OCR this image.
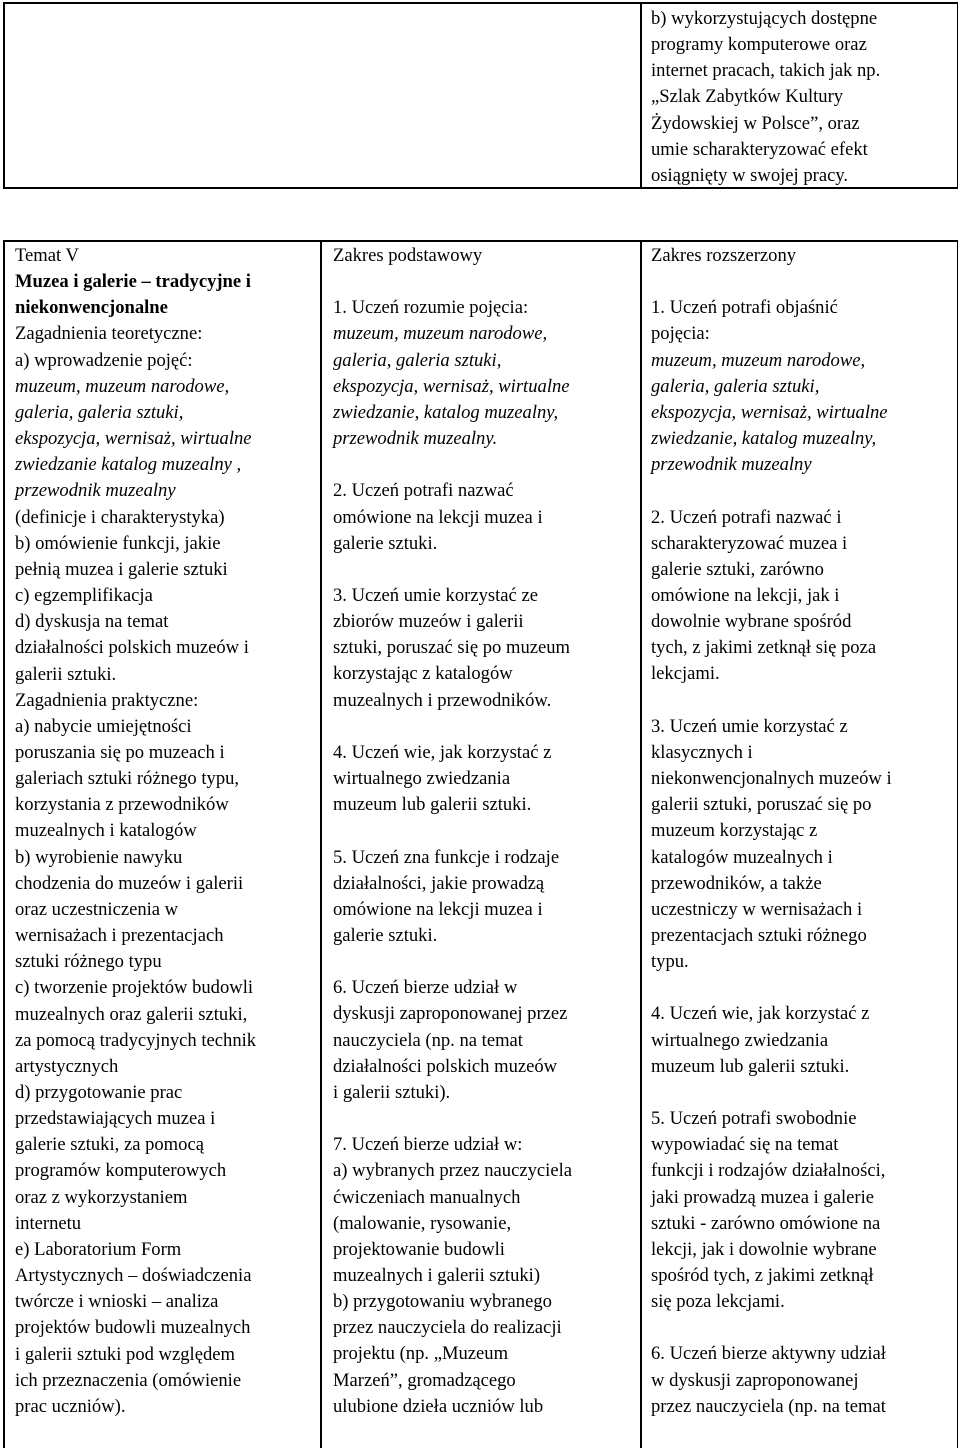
b) wykorzystujących dostępne

programy komputerowe oraz

internet pracach, takich jak np.

„Szlak Zabytków Kultury

Żydowskiej w Polsce”, oraz

umie scharakteryzować efekt

osiągnięty w swojej pracy.

Temat V

Muzea i galerie – tradycyjne i

niekonwencjonalne

Zagadnienia teoretyczne:

a) wprowadzenie pojęć:

muzeum, muzeum narodowe,

galeria, galeria sztuki,

ekspozycja, wernisaż, wirtualne

zwiedzanie katalog muzealny ,

przewodnik muzealny

(definicje i charakterystyka)

b) omówienie funkcji, jakie

pełnią muzea i galerie sztuki

c) egzemplifikacja

d) dyskusja na temat

działalności polskich muzeów i

galerii sztuki.

Zagadnienia praktyczne:

a) nabycie umiejętności

poruszania się po muzeach i

galeriach sztuki różnego typu,

korzystania z przewodników

muzealnych i katalogów

b) wyrobienie nawyku

chodzenia do muzeów i galerii

oraz uczestniczenia w

wernisażach i prezentacjach

sztuki różnego typu

c) tworzenie projektów budowli

muzealnych oraz galerii sztuki,

za pomocą tradycyjnych technik

artystycznych

d) przygotowanie prac

przedstawiających muzea i

galerie sztuki, za pomocą

programów komputerowych

oraz z wykorzystaniem

internetu

e) Laboratorium Form

Artystycznych – doświadczenia

twórcze i wnioski – analiza

projektów budowli muzealnych

i galerii sztuki pod względem

ich przeznaczenia (omówienie

prac uczniów).

Zakres podstawowy

1. Uczeń rozumie pojęcia:

muzeum, muzeum narodowe,

galeria, galeria sztuki,

ekspozycja, wernisaż, wirtualne

zwiedzanie, katalog muzealny,

przewodnik muzealny.

2. Uczeń potrafi nazwać

omówione na lekcji muzea i

galerie sztuki.

3. Uczeń umie korzystać ze

zbiorów muzeów i galerii

sztuki, poruszać się po muzeum

korzystając z katalogów

muzealnych i przewodników.

4. Uczeń wie, jak korzystać z

wirtualnego zwiedzania

muzeum lub galerii sztuki.

5. Uczeń zna funkcje i rodzaje

działalności, jakie prowadzą

omówione na lekcji muzea i

galerie sztuki.

6. Uczeń bierze udział w

dyskusji zaproponowanej przez

nauczyciela (np. na temat

działalności polskich muzeów

i galerii sztuki).

7. Uczeń bierze udział w:

a) wybranych przez nauczyciela

ćwiczeniach manualnych

(malowanie, rysowanie,

projektowanie budowli

muzealnych i galerii sztuki)

b) przygotowaniu wybranego

przez nauczyciela do realizacji

projektu (np. „Muzeum

Marzeń”, gromadzącego

ulubione dzieła uczniów lub

Zakres rozszerzony

1. Uczeń potrafi objaśnić

pojęcia:

muzeum, muzeum narodowe,

galeria, galeria sztuki,

ekspozycja, wernisaż, wirtualne

zwiedzanie, katalog muzealny,

przewodnik muzealny

2. Uczeń potrafi nazwać i

scharakteryzować muzea i

galerie sztuki, zarówno

omówione na lekcji, jak i

dowolnie wybrane spośród

tych, z jakimi zetknął się poza

lekcjami.

3. Uczeń umie korzystać z

klasycznych i

niekonwencjonalnych muzeów i

galerii sztuki, poruszać się po

muzeum korzystając z

katalogów muzealnych i

przewodników, a także

uczestniczy w wernisażach i

prezentacjach sztuki różnego

typu.

4. Uczeń wie, jak korzystać z

wirtualnego zwiedzania

muzeum lub galerii sztuki.

5. Uczeń potrafi swobodnie

wypowiadać się na temat

funkcji i rodzajów działalności,

jaki prowadzą muzea i galerie

sztuki - zarówno omówione na

lekcji, jak i dowolnie wybrane

spośród tych, z jakimi zetknął

się poza lekcjami.

6. Uczeń bierze aktywny udział

w dyskusji zaproponowanej

przez nauczyciela (np. na temat
